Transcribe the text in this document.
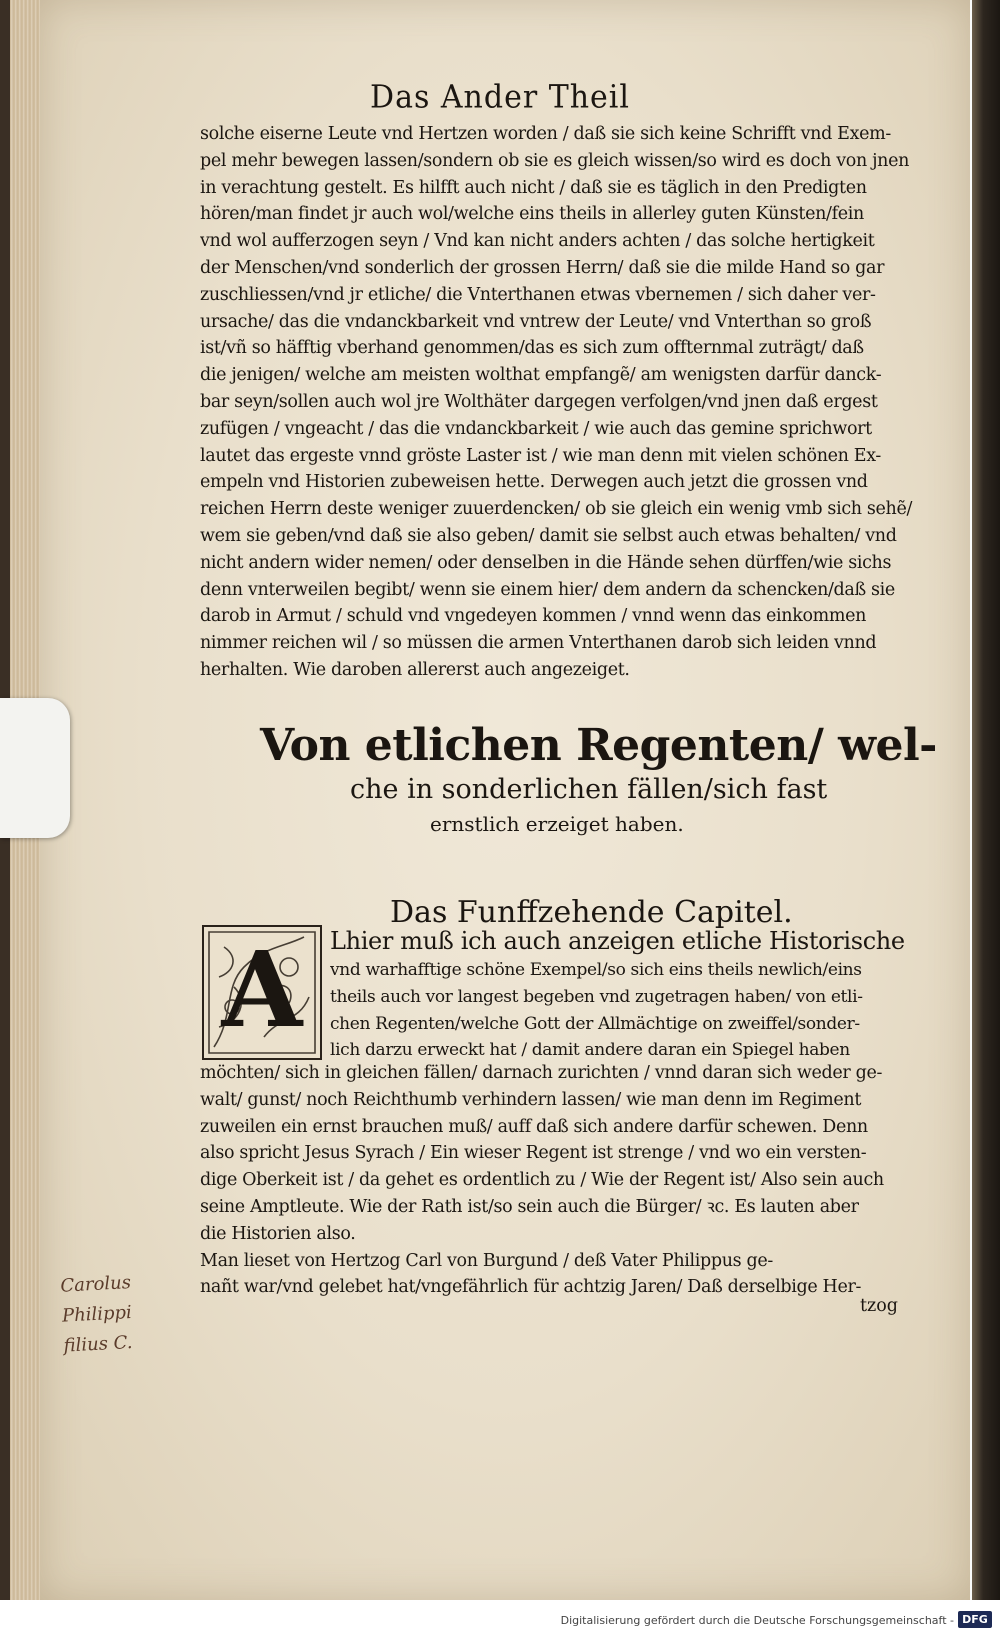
Das Ander Theil
solche eiserne Leute vnd Hertzen worden / daß sie sich keine Schrifft vnd Exem-
pel mehr bewegen lassen/sondern ob sie es gleich wissen/so wird es doch von jnen
in verachtung gestelt. Es hilfft auch nicht / daß sie es täglich in den Predigten
hören/man findet jr auch wol/welche eins theils in allerley guten Künsten/fein
vnd wol aufferzogen seyn / Vnd kan nicht anders achten / das solche hertigkeit
der Menschen/vnd sonderlich der grossen Herrn/ daß sie die milde Hand so gar
zuschliessen/vnd jr etliche/ die Vnterthanen etwas vbernemen / sich daher ver-
ursache/ das die vndanckbarkeit vnd vntrew der Leute/ vnd Vnterthan so groß
ist/vñ so häfftig vberhand genommen/das es sich zum offternmal zuträgt/ daß
die jenigen/ welche am meisten wolthat empfangẽ/ am wenigsten darfür danck-
bar seyn/sollen auch wol jre Wolthäter dargegen verfolgen/vnd jnen daß ergest
zufügen / vngeacht / das die vndanckbarkeit / wie auch das gemine sprichwort
lautet das ergeste vnnd gröste Laster ist / wie man denn mit vielen schönen Ex-
empeln vnd Historien zubeweisen hette. Derwegen auch jetzt die grossen vnd
reichen Herrn deste weniger zuuerdencken/ ob sie gleich ein wenig vmb sich sehẽ/
wem sie geben/vnd daß sie also geben/ damit sie selbst auch etwas behalten/ vnd
nicht andern wider nemen/ oder denselben in die Hände sehen dürffen/wie sichs
denn vnterweilen begibt/ wenn sie einem hier/ dem andern da schencken/daß sie
darob in Armut / schuld vnd vngedeyen kommen / vnnd wenn das einkommen
nimmer reichen wil / so müssen die armen Vnterthanen darob sich leiden vnnd
herhalten. Wie daroben allererst auch angezeiget.
Von etlichen Regenten/ wel-
che in sonderlichen fällen/sich fast
ernstlich erzeiget haben.
Das Funffzehende Capitel.
A	Lhier muß ich auch anzeigen etliche Historische
vnd warhafftige schöne Exempel/so sich eins theils newlich/eins
theils auch vor langest begeben vnd zugetragen haben/ von etli-
chen Regenten/welche Gott der Allmächtige on zweiffel/sonder-
lich darzu erweckt hat / damit andere daran ein Spiegel haben
möchten/ sich in gleichen fällen/ darnach zurichten / vnnd daran sich weder ge-
walt/ gunst/ noch Reichthumb verhindern lassen/ wie man denn im Regiment
zuweilen ein ernst brauchen muß/ auff daß sich andere darfür schewen. Denn
also spricht Jesus Syrach / Ein wieser Regent ist strenge / vnd wo ein versten-
dige Oberkeit ist / da gehet es ordentlich zu / Wie der Regent ist/ Also sein auch
seine Amptleute. Wie der Rath ist/so sein auch die Bürger/ ꝛc. Es lauten aber
die Historien also.
Man lieset von Hertzog Carl von Burgund / deß Vater Philippus ge-
nañt war/vnd gelebet hat/vngefährlich für achtzig Jaren/ Daß derselbige Her-
tzog
Carolus Philippi
filius C.
Digitalisierung gefördert durch die Deutsche Forschungsgemeinschaft - DFG
